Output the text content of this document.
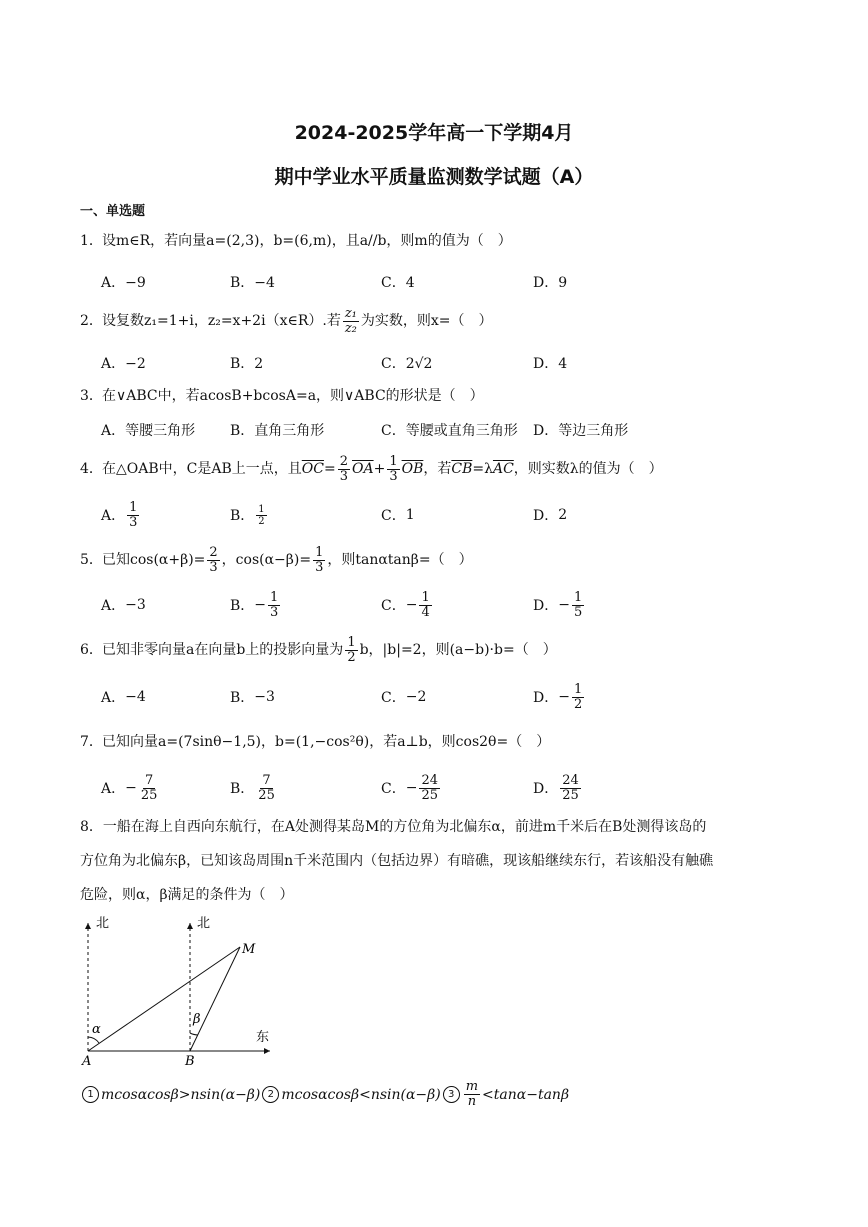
2024-2025学年高一下学期4月
期中学业水平质量监测数学试题（A）
一、单选题
1．设m∈R，若向量a=(2,3)，b=(6,m)，且a//b，则m的值为（　）
A．−9	B．−4	C．4	D．9
2． 设复数z₁=1+i，z₂=x+2i（x∈R）.若 $\frac{\text{z₁}}{\text{z₂}}$ 为实数，则x=（　）
A．−2	B．2	C．2√2	D．4
3．在∨ABC中，若acosB+bcosA=a，则∨ABC的形状是（　）
A．等腰三角形 B．直角三角形	C．等腰或直角三角形 D．等边三角形
4． 在△OAB中，C是AB上一点，且 $\overline{OC} = \frac{2}{3} \overline{OA} + \frac{1}{3} \overline{OB}$ ，若 $\overline{CB} =\lambda$ $\overline{AC}$ ，则实数λ的值为（　）
A． $\frac{1}{3}$	B． $\frac{1}{2}$	C． 1	D． 2
5． 已知$\cos(\alpha+\beta)= \frac{2}{3}$ ，$\cos(\alpha-\beta)= \frac{1}{3}$ ，则tanαtanβ=（　）
A． −3	B． − $\frac{1}{3}$	C． − $\frac{1}{4}$	D． − $\frac{1}{5}$
6． 已知非零向量a在向量b上的投影向量为 $\frac{1}{2}$ b，|b|=2，则(a−b)·b=（　）
A． −4	B． −3	C． −2	D． − $\frac{1}{2}$
7．已知向量a=(7sinθ−1,5)，b=(1,−cos²θ)，若a⊥b，则cos2θ=（　）
A． − $\frac{7}{25}$	B． $\frac{7}{25}$	C． − $\frac{24}{25}$	D． $\frac{24}{25}$
8．一船在海上自西向东航行，在A处测得某岛M的方位角为北偏东α，前进m千米后在B处测得该岛的
方位角为北偏东β，已知该岛周围n千米范围内（包括边界）有暗礁，现该船继续东行，若该船没有触礁
危险，则α，β满足的条件为（　）
北	北
东
A	B
M
α
β
1 mcosαcosβ>nsin(α−β) 2 mcosαcosβ<nsin(α−β) $3 \frac{m}{n} <\tan\alpha-\tan\beta$
